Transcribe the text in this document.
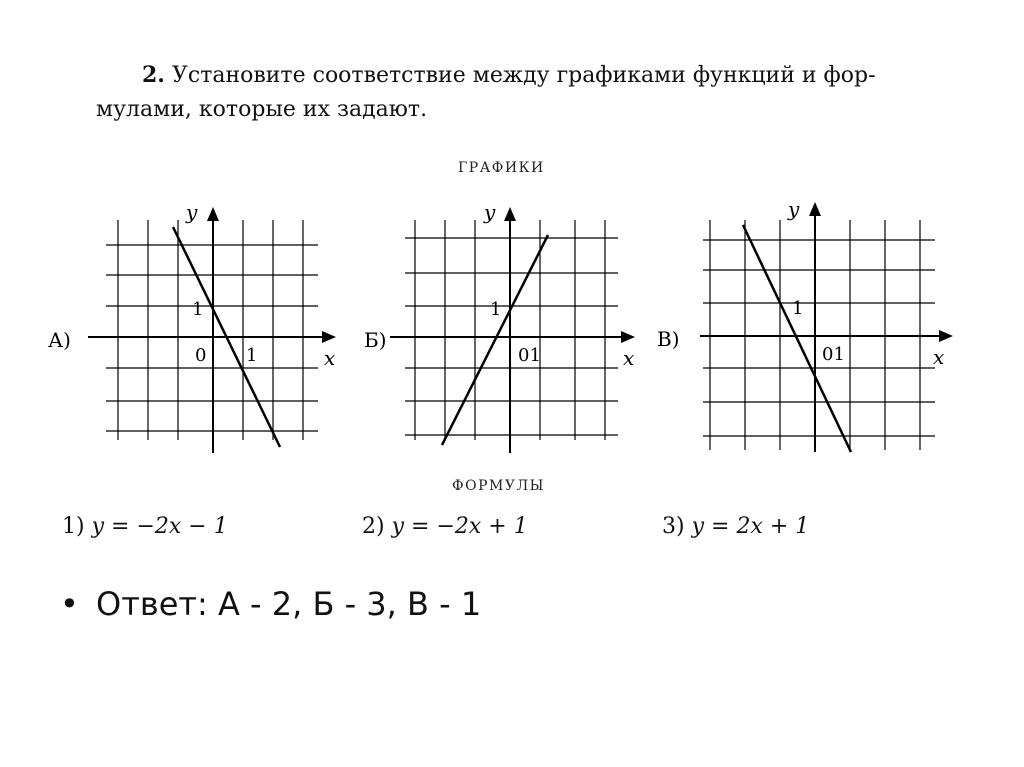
2. Установите соответствие между графиками функций и фор-
мулами, которые их задают.
ГРАФИКИ
А)
y
x
1
0 1
Б)
y
x
1
01
В)
y
x
1
01
ФОРМУЛЫ
1) y = −2x − 1	2) y = −2x + 1	3) y = 2x + 1
• Ответ: А - 2, Б - 3, В - 1
